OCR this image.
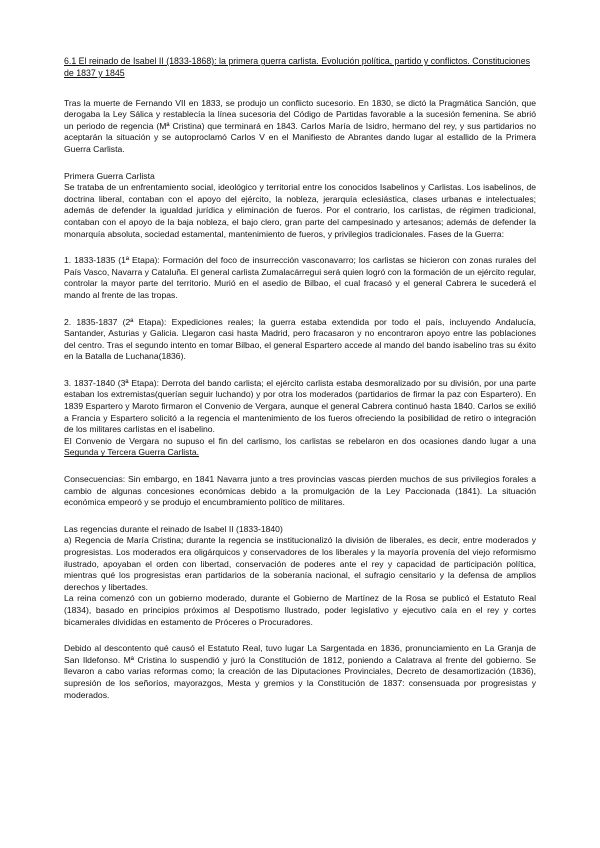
6.1 El reinado de Isabel II (1833-1868): la primera guerra carlista. Evolución política, partido y conflictos. Constituciones de 1837 y 1845

Tras la muerte de Fernando VII en 1833, se produjo un conflicto sucesorio. En 1830, se dictó la Pragmática Sanción, que derogaba la Ley Sálica y restablecía la línea sucesoria del Código de Partidas favorable a la sucesión femenina. Se abrió un periodo de regencia (Mª Cristina) que terminará en 1843. Carlos María de Isidro, hermano del rey, y sus partidarios no aceptarán la situación y se autoproclamó Carlos V en el Manifiesto de Abrantes dando lugar al estallido de la Primera Guerra Carlista.

Primera Guerra Carlista

Se trataba de un enfrentamiento social, ideológico y territorial entre los conocidos Isabelinos y Carlistas. Los isabelinos, de doctrina liberal, contaban con el apoyo del ejército, la nobleza, jerarquía eclesiástica, clases urbanas e intelectuales; además de defender la igualdad jurídica y eliminación de fueros. Por el contrario, los carlistas, de régimen tradicional, contaban con el apoyo de la baja nobleza, el bajo clero, gran parte del campesinado y artesanos; además de defender la monarquía absoluta, sociedad estamental, mantenimiento de fueros, y privilegios tradicionales. Fases de la Guerra:

1. 1833-1835 (1ª Etapa): Formación del foco de insurrección vasconavarro; los carlistas se hicieron con zonas rurales del País Vasco, Navarra y Cataluña. El general carlista Zumalacárregui será quien logró con la formación de un ejército regular, controlar la mayor parte del territorio. Murió en el asedio de Bilbao, el cual fracasó y el general Cabrera le sucederá el mando al frente de las tropas.

2. 1835-1837 (2ª Etapa): Expediciones reales; la guerra estaba extendida por todo el país, incluyendo Andalucía, Santander, Asturias y Galicia. Llegaron casi hasta Madrid, pero fracasaron y no encontraron apoyo entre las poblaciones del centro. Tras el segundo intento en tomar Bilbao, el general Espartero accede al mando del bando isabelino tras su éxito en la Batalla de Luchana(1836).

3. 1837-1840 (3ª Etapa): Derrota del bando carlista; el ejército carlista estaba desmoralizado por su división, por una parte estaban los extremistas(querían seguir luchando) y por otra los moderados (partidarios de firmar la paz con Espartero). En 1839 Espartero y Maroto firmaron el Convenio de Vergara, aunque el general Cabrera continuó hasta 1840. Carlos se exilió a Francia y Espartero solicitó a la regencia el mantenimiento de los fueros ofreciendo la posibilidad de retiro o integración de los militares carlistas en el isabelino.

El Convenio de Vergara no supuso el fin del carlismo, los carlistas se rebelaron en dos ocasiones dando lugar a una Segunda y Tercera Guerra Carlista.

Consecuencias: Sin embargo, en 1841 Navarra junto a tres provincias vascas pierden muchos de sus privilegios forales a cambio de algunas concesiones económicas debido a la promulgación de la Ley Paccionada (1841). La situación económica empeoró y se produjo el encumbramiento político de militares.

Las regencias durante el reinado de Isabel II (1833-1840)

a) Regencia de María Cristina; durante la regencia se institucionalizó la división de liberales, es decir, entre moderados y progresistas. Los moderados era oligárquicos y conservadores de los liberales y la mayoría provenía del viejo reformismo ilustrado, apoyaban el orden con libertad, conservación de poderes ante el rey y capacidad de participación política, mientras qué los progresistas eran partidarios de la soberanía nacional, el sufragio censitario y la defensa de amplios derechos y libertades.

La reina comenzó con un gobierno moderado, durante el Gobierno de Martínez de la Rosa se publicó el Estatuto Real (1834), basado en principios próximos al Despotismo Ilustrado, poder legislativo y ejecutivo caía en el rey y cortes bicamerales divididas en estamento de Próceres o Procuradores.

Debido al descontento qué causó el Estatuto Real, tuvo lugar La Sargentada en 1836, pronunciamiento en La Granja de San Ildefonso. Mª Cristina lo suspendió y juró la Constitución de 1812, poniendo a Calatrava al frente del gobierno. Se llevaron a cabo varias reformas como; la creación de las Diputaciones Provinciales, Decreto de desamortización (1836), supresión de los señoríos, mayorazgos, Mesta y gremios y la Constitución de 1837: consensuada por progresistas y moderados.
